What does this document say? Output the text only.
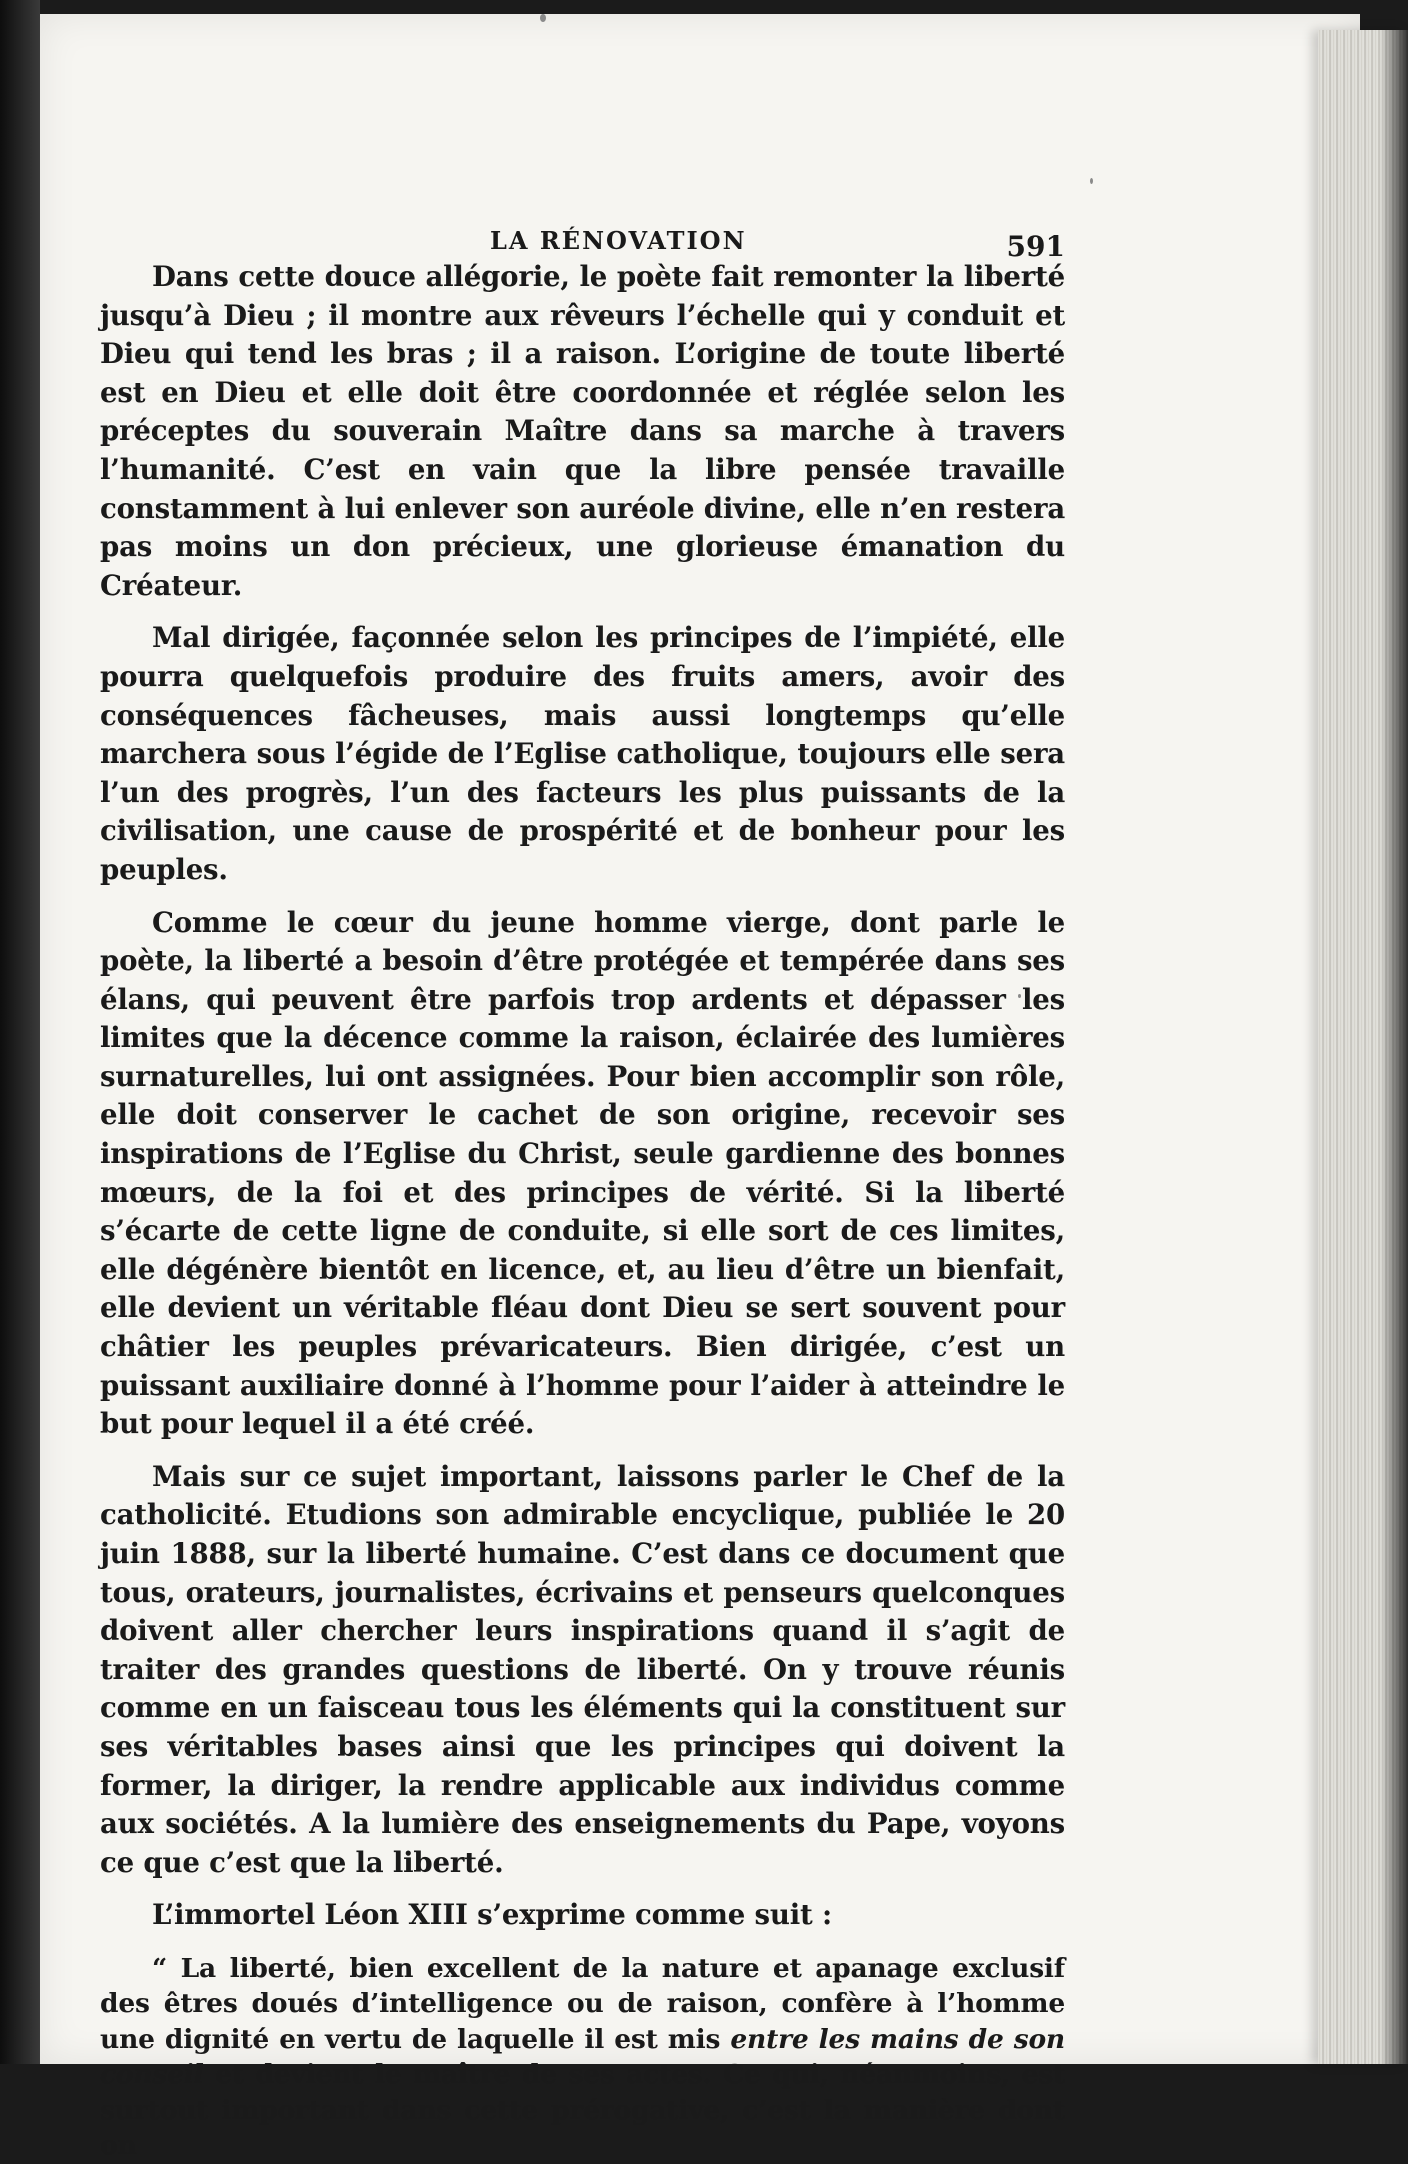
LA RÉNOVATION	591

Dans cette douce allégorie, le poète fait remonter la liberté jusqu’à Dieu ; il montre aux rêveurs l’échelle qui y conduit et Dieu qui tend les bras ; il a raison. L’origine de toute liberté est en Dieu et elle doit être coordonnée et réglée selon les préceptes du souverain Maître dans sa marche à travers l’humanité. C’est en vain que la libre pensée travaille constamment à lui enlever son auréole divine, elle n’en restera pas moins un don précieux, une glorieuse émanation du Créateur.

Mal dirigée, façonnée selon les principes de l’impiété, elle pourra quelquefois produire des fruits amers, avoir des conséquences fâcheuses, mais aussi longtemps qu’elle marchera sous l’égide de l’Eglise catholique, toujours elle sera l’un des progrès, l’un des facteurs les plus puissants de la civilisation, une cause de prospérité et de bonheur pour les peuples.

Comme le cœur du jeune homme vierge, dont parle le poète, la liberté a besoin d’être protégée et tempérée dans ses élans, qui peuvent être parfois trop ardents et dépasser les limites que la décence comme la raison, éclairée des lumières surnaturelles, lui ont assignées. Pour bien accomplir son rôle, elle doit conserver le cachet de son origine, recevoir ses inspirations de l’Eglise du Christ, seule gardienne des bonnes mœurs, de la foi et des principes de vérité. Si la liberté s’écarte de cette ligne de conduite, si elle sort de ces limites, elle dégénère bientôt en licence, et, au lieu d’être un bienfait, elle devient un véritable fléau dont Dieu se sert souvent pour châtier les peuples prévaricateurs. Bien dirigée, c’est un puissant auxiliaire donné à l’homme pour l’aider à atteindre le but pour lequel il a été créé.

Mais sur ce sujet important, laissons parler le Chef de la catholicité. Etudions son admirable encyclique, publiée le 20 juin 1888, sur la liberté humaine. C’est dans ce document que tous, orateurs, journalistes, écrivains et penseurs quelconques doivent aller chercher leurs inspirations quand il s’agit de traiter des grandes questions de liberté. On y trouve réunis comme en un faisceau tous les éléments qui la constituent sur ses véritables bases ainsi que les principes qui doivent la former, la diriger, la rendre applicable aux individus comme aux sociétés. A la lumière des enseignements du Pape, voyons ce que c’est que la liberté.

L’immortel Léon XIII s’exprime comme suit :

“ La liberté, bien excellent de la nature et apanage exclusif des êtres doués d’intelligence ou de raison, confère à l’homme une dignité en vertu de laquelle il est mis entre les mains de son conseil et devient le maître de ses actes. Ce qui, néanmoins, est surtout important dans cette prérogative, c’est la manière dont on
